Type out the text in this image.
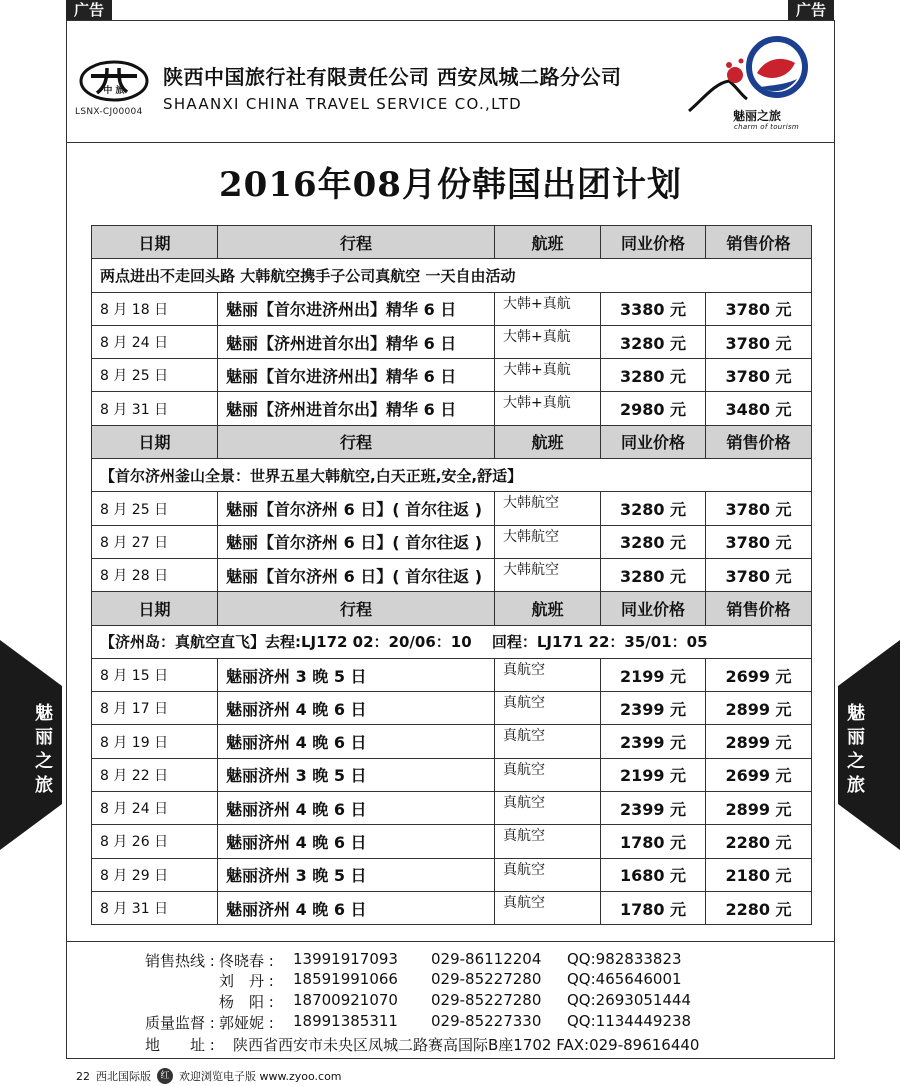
广告	广告
魅丽之旅
魅丽之旅
中 旅
LSNX-CJ00004
陕西中国旅行社有限责任公司 西安凤城二路分公司
SHAANXI CHINA TRAVEL SERVICE CO.,LTD
魅丽之旅
charm of tourism
2016年08月份韩国出团计划
日期	行程	航班	同业价格	销售价格
两点进出不走回头路 大韩航空携手子公司真航空 一天自由活动				
8 月 18 日	魅丽【首尔进济州出】精华 6 日	大韩+真航	3380 元	3780 元
8 月 24 日	魅丽【济州进首尔出】精华 6 日	大韩+真航	3280 元	3780 元
8 月 25 日	魅丽【首尔进济州出】精华 6 日	大韩+真航	3280 元	3780 元
8 月 31 日	魅丽【济州进首尔出】精华 6 日	大韩+真航	2980 元	3480 元
日期	行程	航班	同业价格	销售价格
【首尔济州釜山全景：世界五星大韩航空,白天正班,安全,舒适】				
8 月 25 日	魅丽【首尔济州 6 日】( 首尔往返 )	大韩航空	3280 元	3780 元
8 月 27 日	魅丽【首尔济州 6 日】( 首尔往返 )	大韩航空	3280 元	3780 元
8 月 28 日	魅丽【首尔济州 6 日】( 首尔往返 )	大韩航空	3280 元	3780 元
日期	行程	航班	同业价格	销售价格
【济州岛：真航空直飞】去程:LJ172 02：20/06：10　 回程：LJ171 22：35/01：05				
8 月 15 日	魅丽济州 3 晚 5 日	真航空	2199 元	2699 元
8 月 17 日	魅丽济州 4 晚 6 日	真航空	2399 元	2899 元
8 月 19 日	魅丽济州 4 晚 6 日	真航空	2399 元	2899 元
8 月 22 日	魅丽济州 3 晚 5 日	真航空	2199 元	2699 元
8 月 24 日	魅丽济州 4 晚 6 日	真航空	2399 元	2899 元
8 月 26 日	魅丽济州 4 晚 6 日	真航空	1780 元	2280 元
8 月 29 日	魅丽济州 3 晚 5 日	真航空	1680 元	2180 元
8 月 31 日	魅丽济州 4 晚 6 日	真航空	1780 元	2280 元
销售热线 : 佟晓春 : 13991917093 029-86112204 QQ:982833823
刘　丹 : 18591991066 029-85227280 QQ:465646001
杨　阳 : 18700921070 029-85227280 QQ:2693051444
质量监督 : 郭娅妮 : 18991385311 029-85227330 QQ:1134449238
地　　址 : 陕西省西安市未央区凤城二路赛高国际B座1702 FAX:029-89616440
22 西北国际版	红 欢迎浏览电子版 www.zyoo.com
